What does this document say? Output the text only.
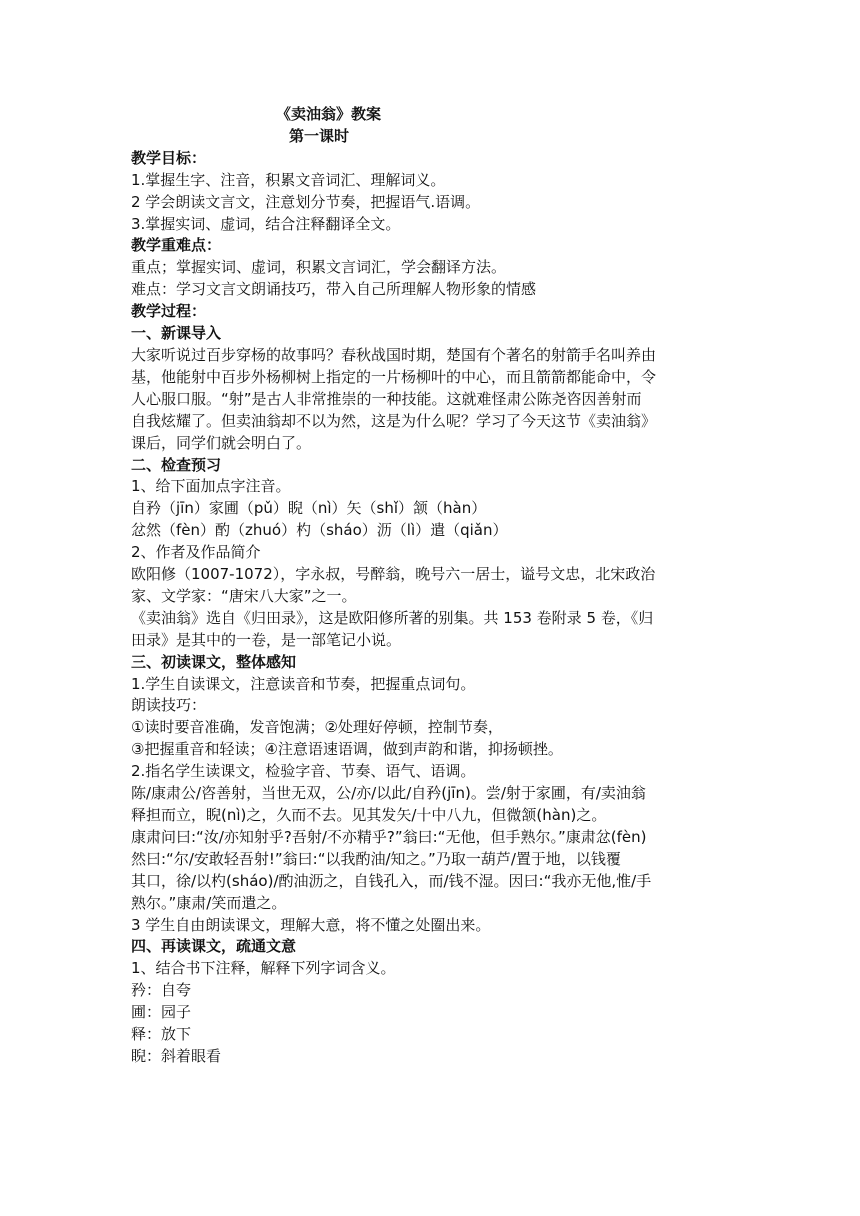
《卖油翁》教案
第一课时
教学目标：
1.掌握生字、注音，积累文音词汇、理解词义。
2 学会朗读文言文，注意划分节奏，把握语气.语调。
3.掌握实词、虚词，结合注释翻译全文。
教学重难点：
重点；掌握实词、虚词，积累文言词汇，学会翻译方法。
难点：学习文言文朗诵技巧，带入自己所理解人物形象的情感
教学过程：
一、新课导入
大家听说过百步穿杨的故事吗？春秋战国时期，楚国有个著名的射箭手名叫养由
基，他能射中百步外杨柳树上指定的一片杨柳叶的中心，而且箭箭都能命中，令
人心服口服。“射”是古人非常推崇的一种技能。这就难怪肃公陈尧咨因善射而
自我炫耀了。但卖油翁却不以为然，这是为什么呢？学习了今天这节《卖油翁》
课后，同学们就会明白了。
二、检查预习
1、给下面加点字注音。
自矜（jīn）家圃（pǔ）睨（nì）矢（shǐ）颔（hàn）
忿然（fèn）酌（zhuó）杓（sháo）沥（lì）遣（qiǎn）
2、作者及作品简介
欧阳修（1007-1072），字永叔，号醉翁，晚号六一居士，谥号文忠，北宋政治
家、文学家：“唐宋八大家”之一。
《卖油翁》选自《归田录》，这是欧阳修所著的别集。共 153 卷附录 5 卷，《归
田录》是其中的一卷，是一部笔记小说。
三、初读课文，整体感知
1.学生自读课文，注意读音和节奏，把握重点词句。
朗读技巧：
①读时要音准确，发音饱满；②处理好停顿，控制节奏，
③把握重音和轻读；④注意语速语调，做到声韵和谐，抑扬顿挫。
2.指名学生读课文，检验字音、节奏、语气、语调。
陈/康肃公/咨善射，当世无双，公/亦/以此/自矜(jīn)。尝/射于家圃，有/卖油翁
释担而立，睨(nì)之，久而不去。见其发矢/十中八九，但微颔(hàn)之。
康肃问曰:“汝/亦知射乎?吾射/不亦精乎?”翁曰:“无他，但手熟尔。”康肃忿(fèn)
然曰:“尔/安敢轻吾射!”翁曰:“以我酌油/知之。”乃取一葫芦/置于地，以钱覆
其口，徐/以杓(sháo)/酌油沥之，自钱孔入，而/钱不湿。因曰:“我亦无他,惟/手
熟尔。”康肃/笑而遣之。
3 学生自由朗读课文，理解大意，将不懂之处圈出来。
四、再读课文，疏通文意
1、结合书下注释，解释下列字词含义。
矜：自夸
圃：园子
释：放下
睨：斜着眼看
